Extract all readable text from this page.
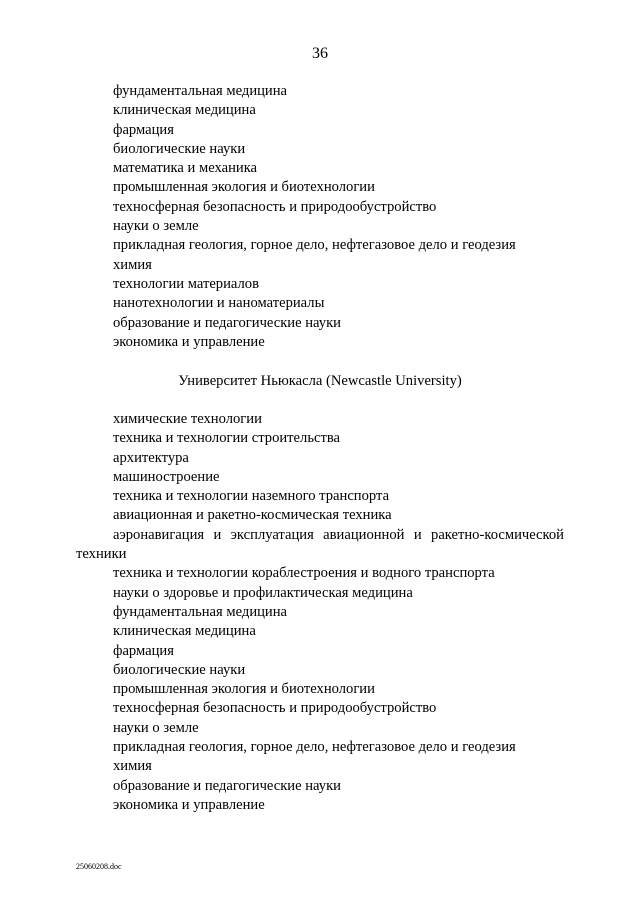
36
фундаментальная медицина
клиническая медицина
фармация
биологические науки
математика и механика
промышленная экология и биотехнологии
техносферная безопасность и природообустройство
науки о земле
прикладная геология, горное дело, нефтегазовое дело и геодезия
химия
технологии материалов
нанотехнологии и наноматериалы
образование и педагогические науки
экономика и управление
Университет Ньюкасла (Newcastle University)
химические технологии
техника и технологии строительства
архитектура
машиностроение
техника и технологии наземного транспорта
авиационная и ракетно-космическая техника
аэронавигация и эксплуатация авиационной и ракетно-космической
техники
техника и технологии кораблестроения и водного транспорта
науки о здоровье и профилактическая медицина
фундаментальная медицина
клиническая медицина
фармация
биологические науки
промышленная экология и биотехнологии
техносферная безопасность и природообустройство
науки о земле
прикладная геология, горное дело, нефтегазовое дело и геодезия
химия
образование и педагогические науки
экономика и управление
25060208.doc
